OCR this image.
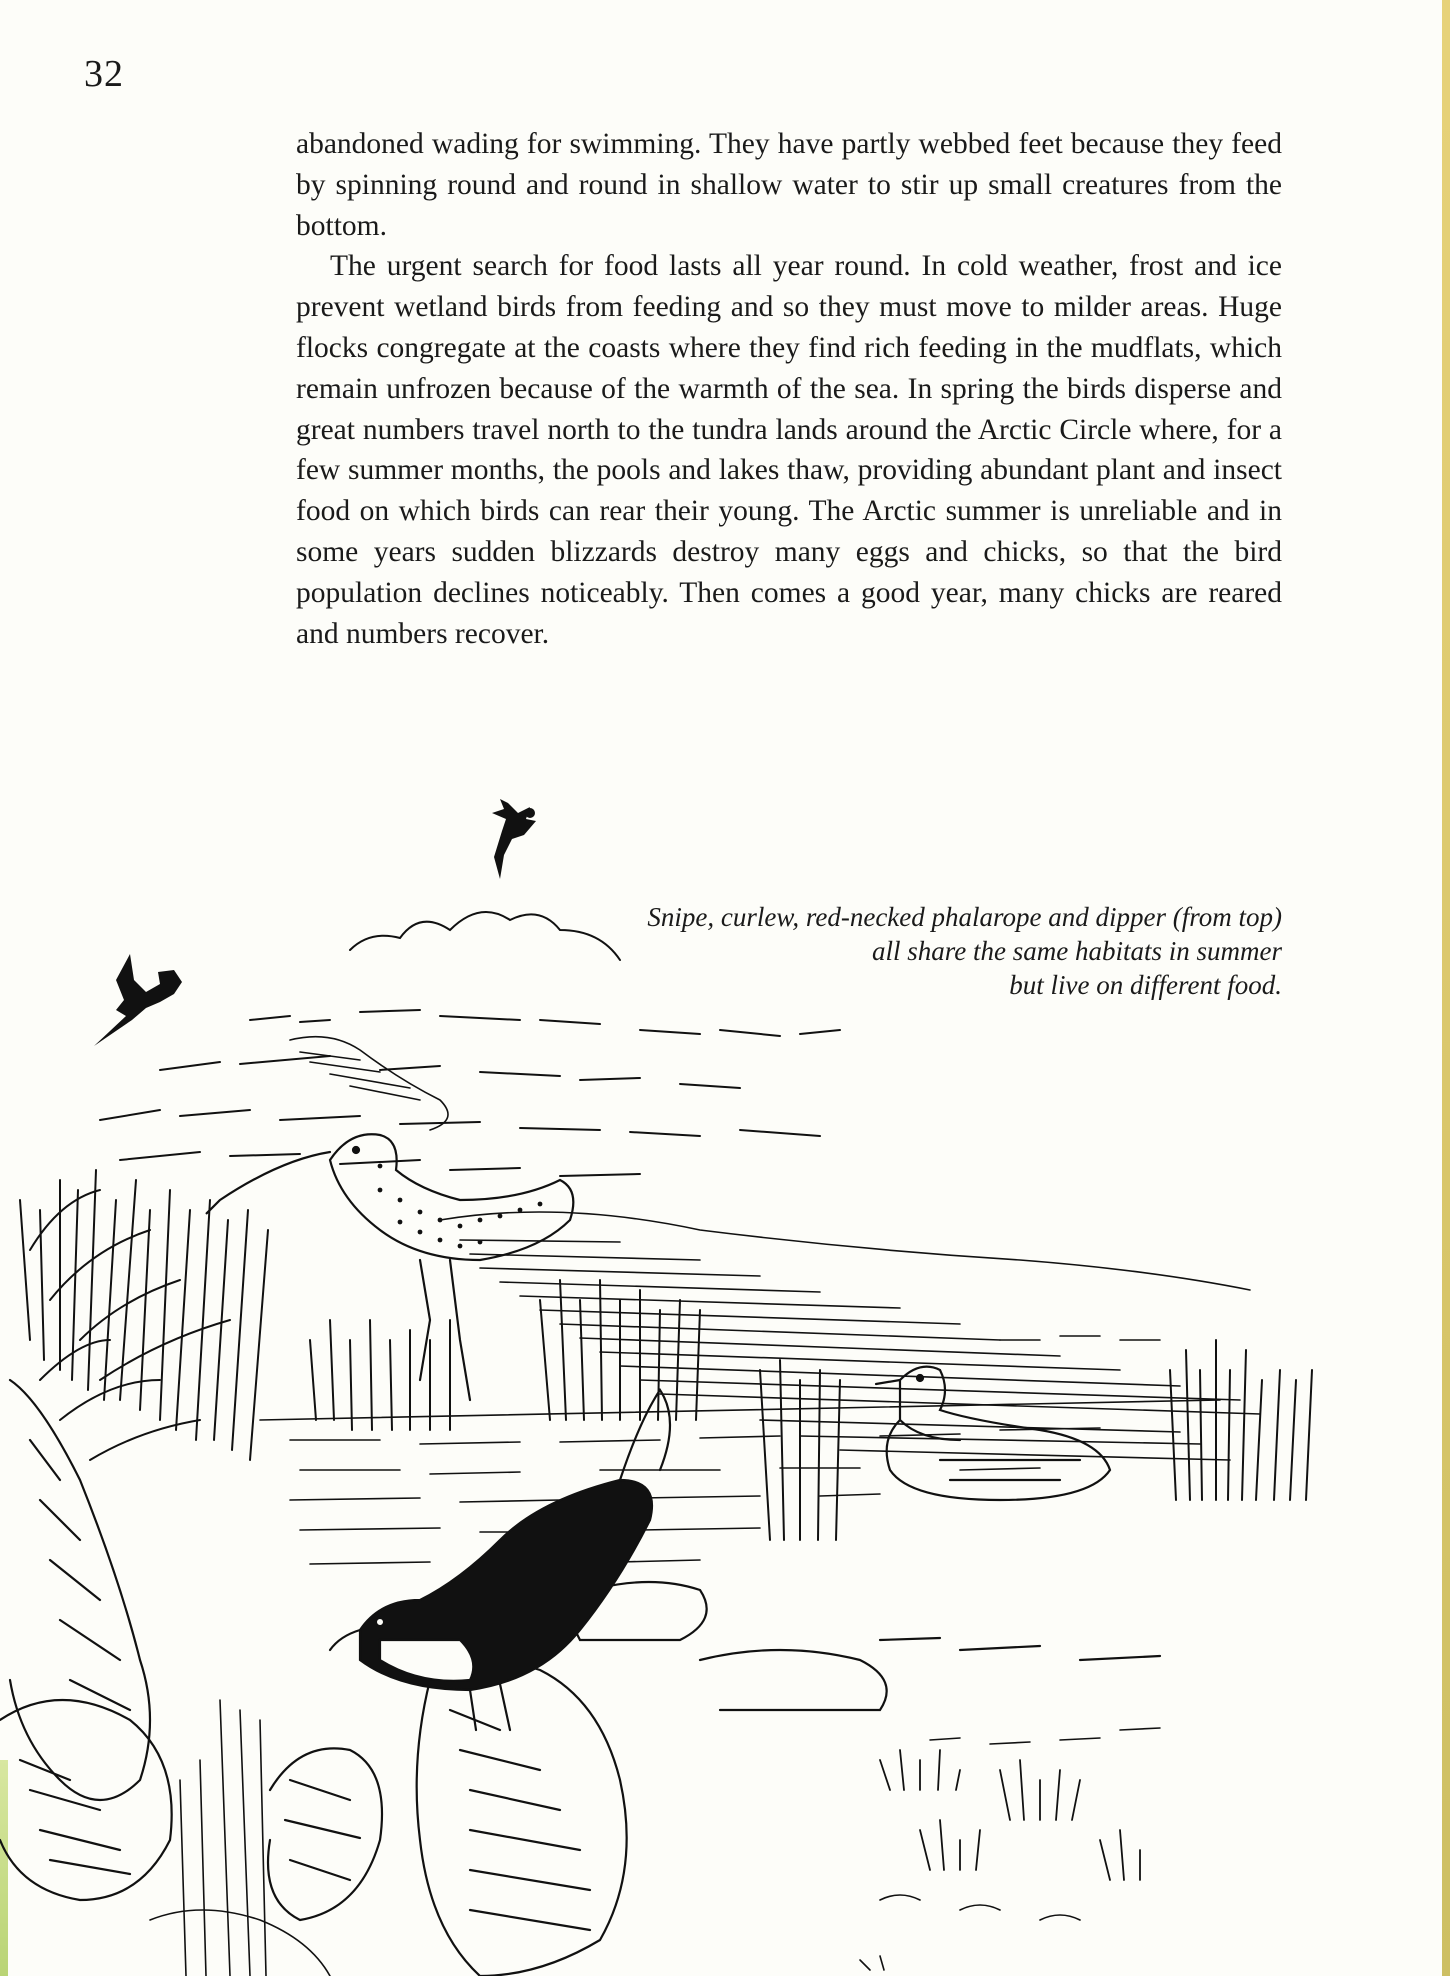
32

abandoned wading for swimming. They have partly webbed feet because they feed by spinning round and round in shallow water to stir up small creatures from the bottom.

The urgent search for food lasts all year round. In cold weather, frost and ice prevent wetland birds from feeding and so they must move to milder areas. Huge flocks congregate at the coasts where they find rich feeding in the mudflats, which remain unfrozen because of the warmth of the sea. In spring the birds disperse and great numbers travel north to the tundra lands around the Arctic Circle where, for a few summer months, the pools and lakes thaw, providing abundant plant and insect food on which birds can rear their young. The Arctic summer is unreliable and in some years sudden blizzards destroy many eggs and chicks, so that the bird population declines noticeably. Then comes a good year, many chicks are reared and numbers recover.

Snipe, curlew, red-necked phalarope and dipper (from top)
all share the same habitats in summer
but live on different food.
